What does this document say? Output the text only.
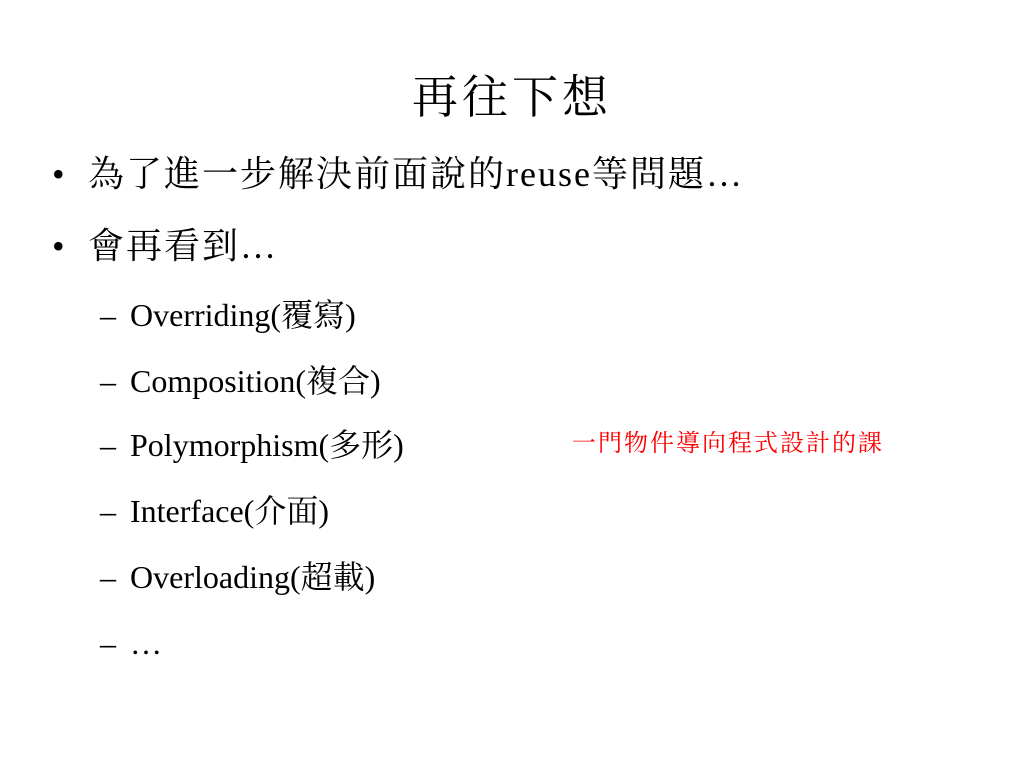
再往下想
• 為了進一步解決前面說的reuse等問題…
• 會再看到…
– Overriding(覆寫)
– Composition(複合)
– Polymorphism(多形)
– Interface(介面)
– Overloading(超載)
– …
一門物件導向程式設計的課
